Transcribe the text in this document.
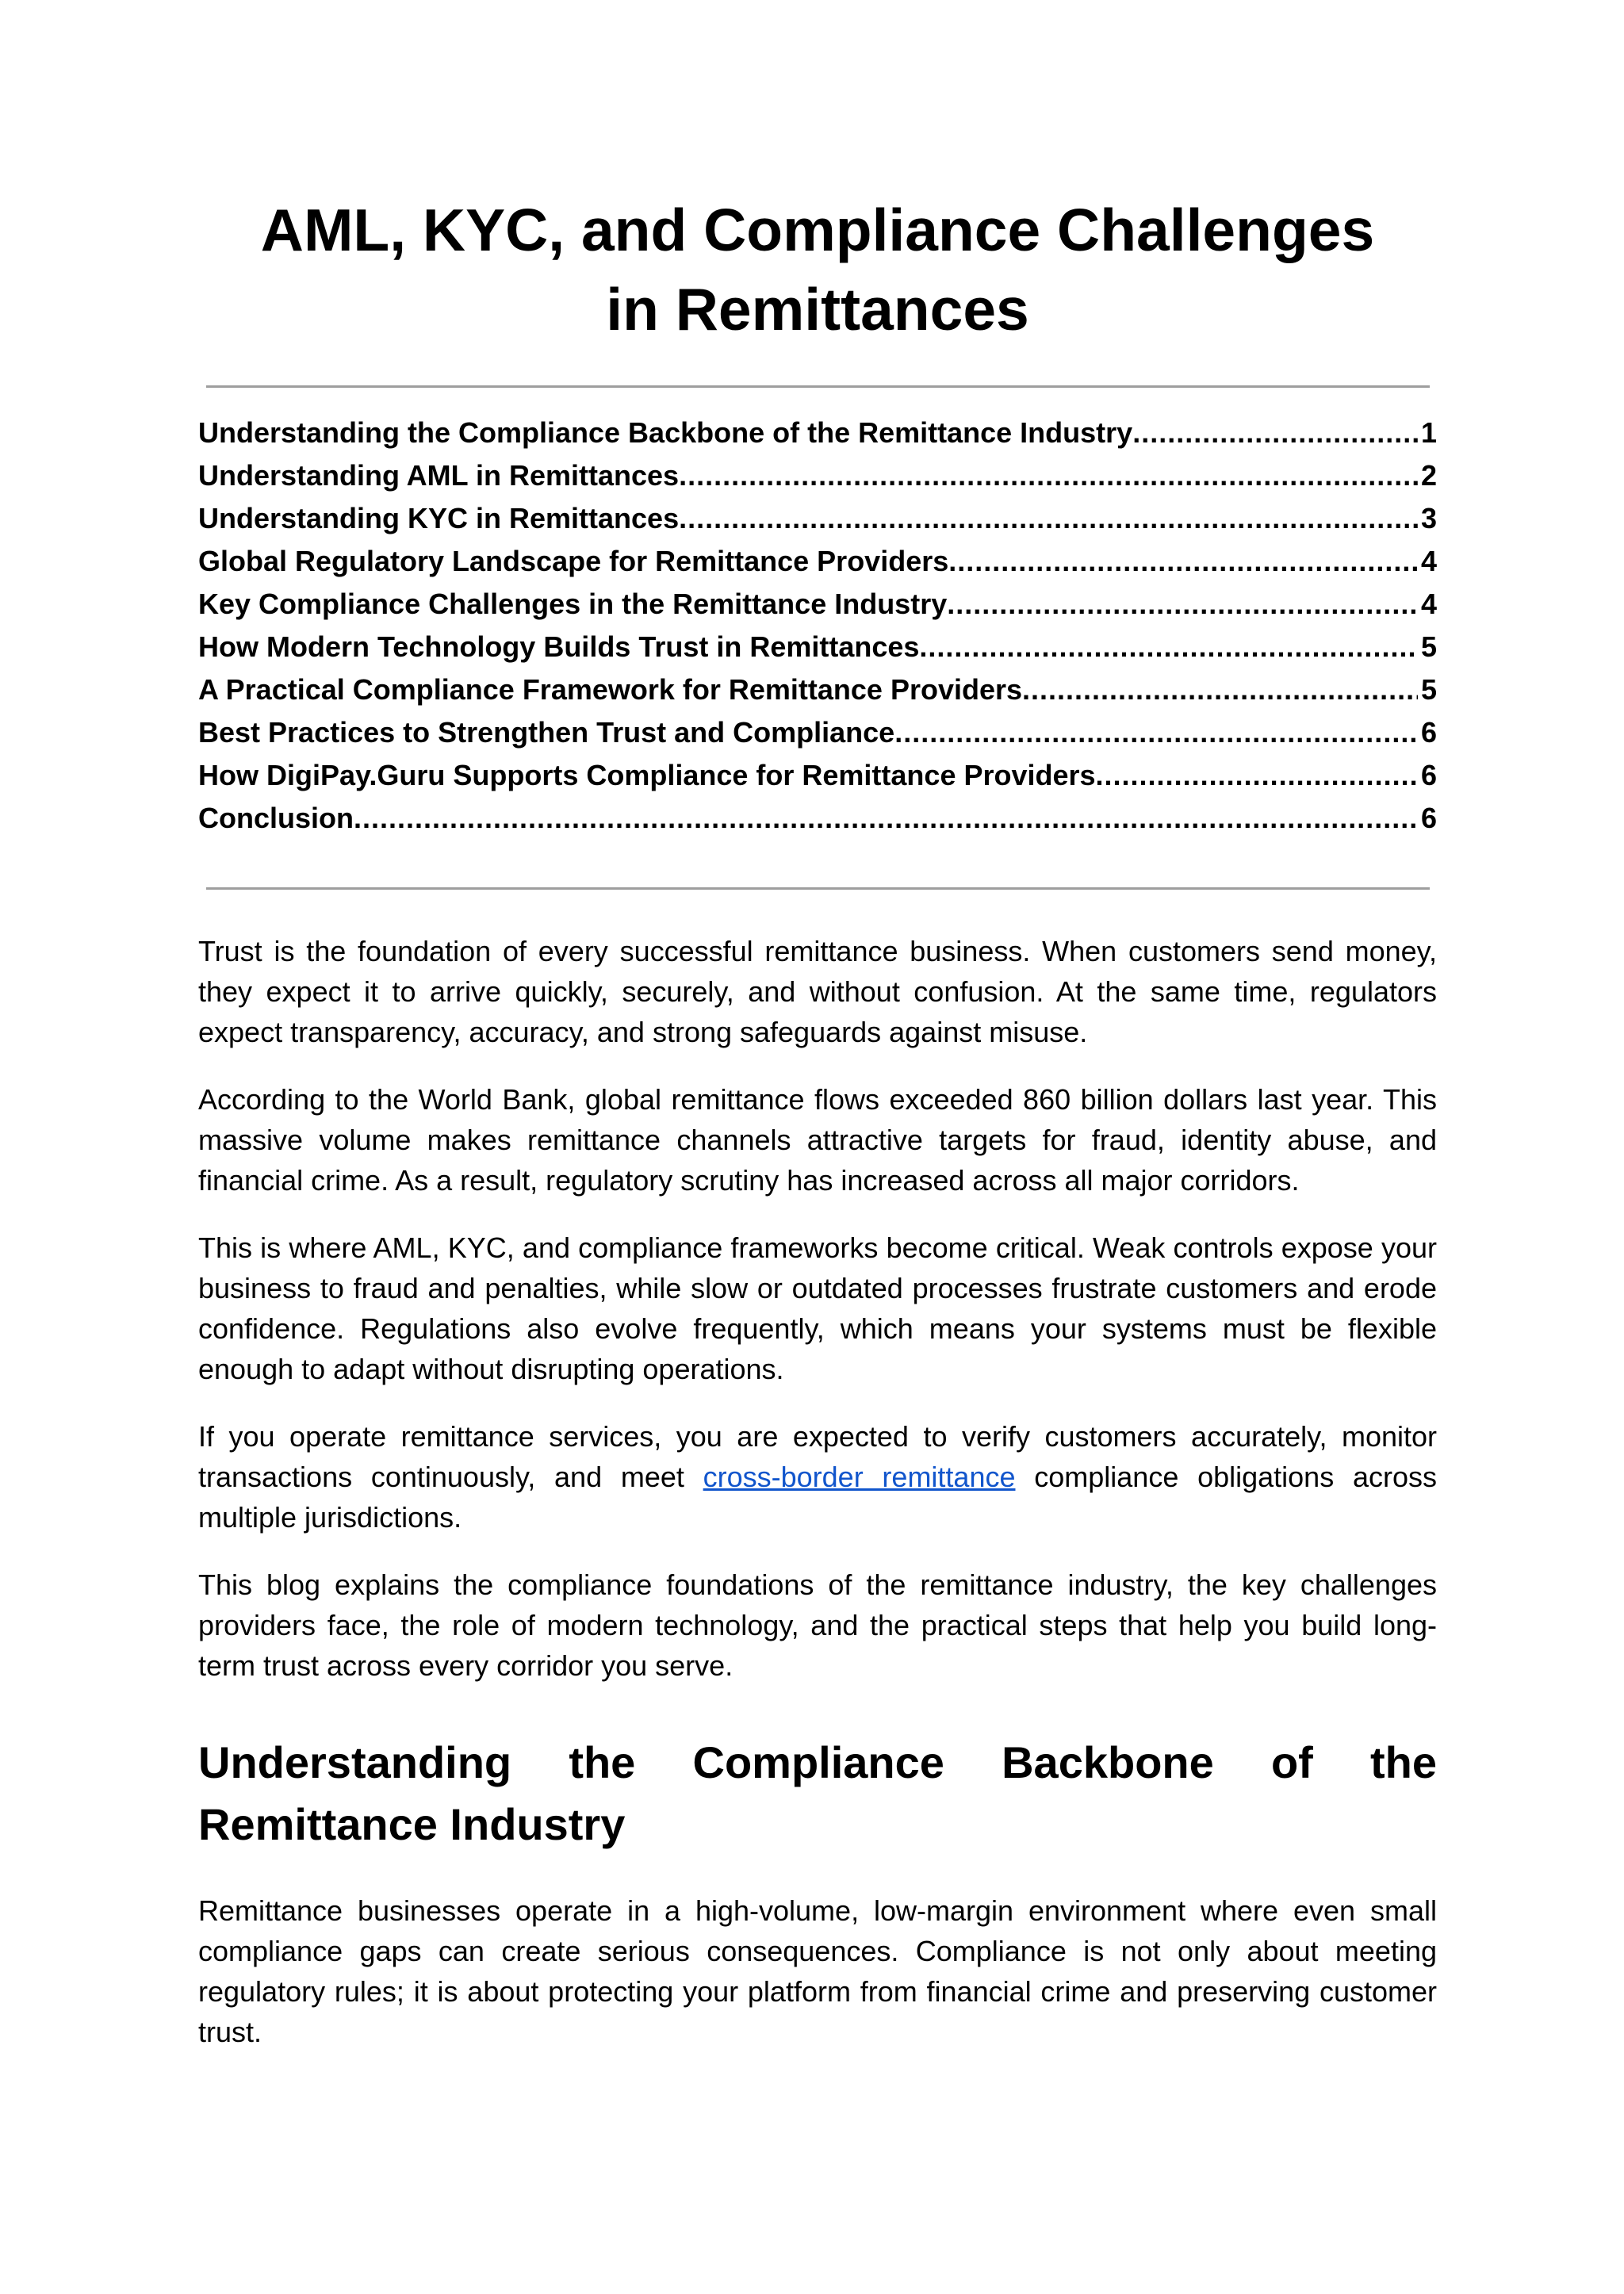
AML, KYC, and Compliance Challenges
in Remittances
Understanding the Compliance Backbone of the Remittance Industry .....	1
Understanding AML in Remittances .....	2
Understanding KYC in Remittances .....	3
Global Regulatory Landscape for Remittance Providers .....	4
Key Compliance Challenges in the Remittance Industry .....	4
How Modern Technology Builds Trust in Remittances .....	5
A Practical Compliance Framework for Remittance Providers .....	5
Best Practices to Strengthen Trust and Compliance .....	6
How DigiPay.Guru Supports Compliance for Remittance Providers .....	6
Conclusion .....	6

Trust is the foundation of every successful remittance business. When customers send money, they expect it to arrive quickly, securely, and without confusion. At the same time, regulators expect transparency, accuracy, and strong safeguards against misuse.

According to the World Bank, global remittance flows exceeded 860 billion dollars last year. This massive volume makes remittance channels attractive targets for fraud, identity abuse, and financial crime. As a result, regulatory scrutiny has increased across all major corridors.

This is where AML, KYC, and compliance frameworks become critical. Weak controls expose your business to fraud and penalties, while slow or outdated processes frustrate customers and erode confidence. Regulations also evolve frequently, which means your systems must be flexible enough to adapt without disrupting operations.

If you operate remittance services, you are expected to verify customers accurately, monitor transactions continuously, and meet cross-border remittance compliance obligations across multiple jurisdictions.

This blog explains the compliance foundations of the remittance industry, the key challenges providers face, the role of modern technology, and the practical steps that help you build long-term trust across every corridor you serve.

Understanding the Compliance Backbone of the
Remittance Industry

Remittance businesses operate in a high-volume, low-margin environment where even small compliance gaps can create serious consequences. Compliance is not only about meeting regulatory rules; it is about protecting your platform from financial crime and preserving customer trust.
